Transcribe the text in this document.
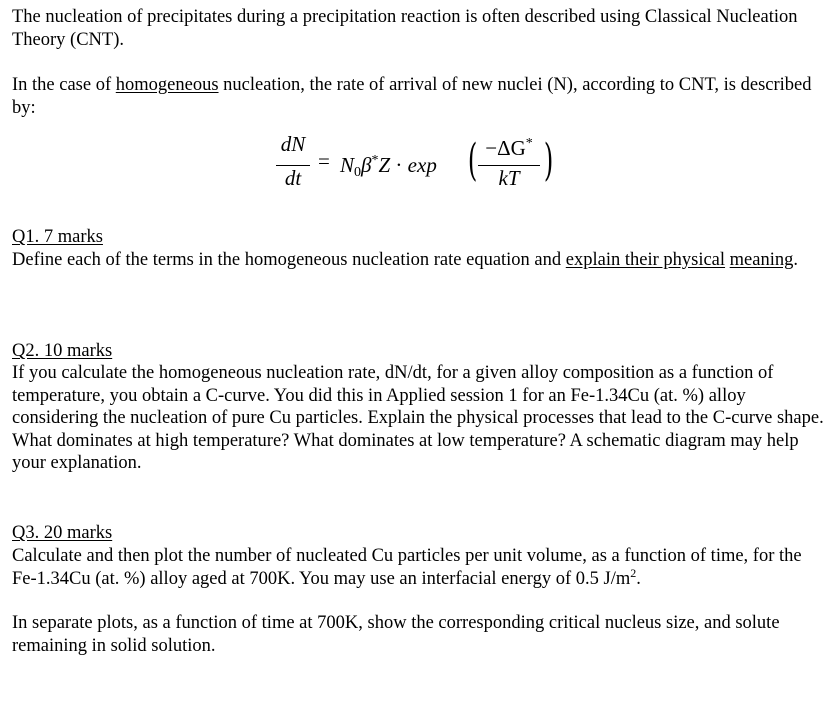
The nucleation of precipitates during a precipitation reaction is often described using Classical Nucleation Theory (CNT).

In the case of homogeneous nucleation, the rate of arrival of new nuclei (N), according to CNT, is described by:

dN
dt
= $N_0\beta^*Z \cdot \exp$ ( −ΔG*
kT )

Q1. 7 marks

Define each of the terms in the homogeneous nucleation rate equation and explain their physical meaning.

Q2. 10 marks

If you calculate the homogeneous nucleation rate, dN/dt, for a given alloy composition as a function of temperature, you obtain a C-curve. You did this in Applied session 1 for an Fe-1.34Cu (at. %) alloy considering the nucleation of pure Cu particles. Explain the physical processes that lead to the C-curve shape. What dominates at high temperature? What dominates at low temperature? A schematic diagram may help your explanation.

Q3. 20 marks

Calculate and then plot the number of nucleated Cu particles per unit volume, as a function of time, for the Fe-1.34Cu (at. %) alloy aged at 700K. You may use an interfacial energy of 0.5 $J/m^2$.

In separate plots, as a function of time at 700K, show the corresponding critical nucleus size, and solute remaining in solid solution.
